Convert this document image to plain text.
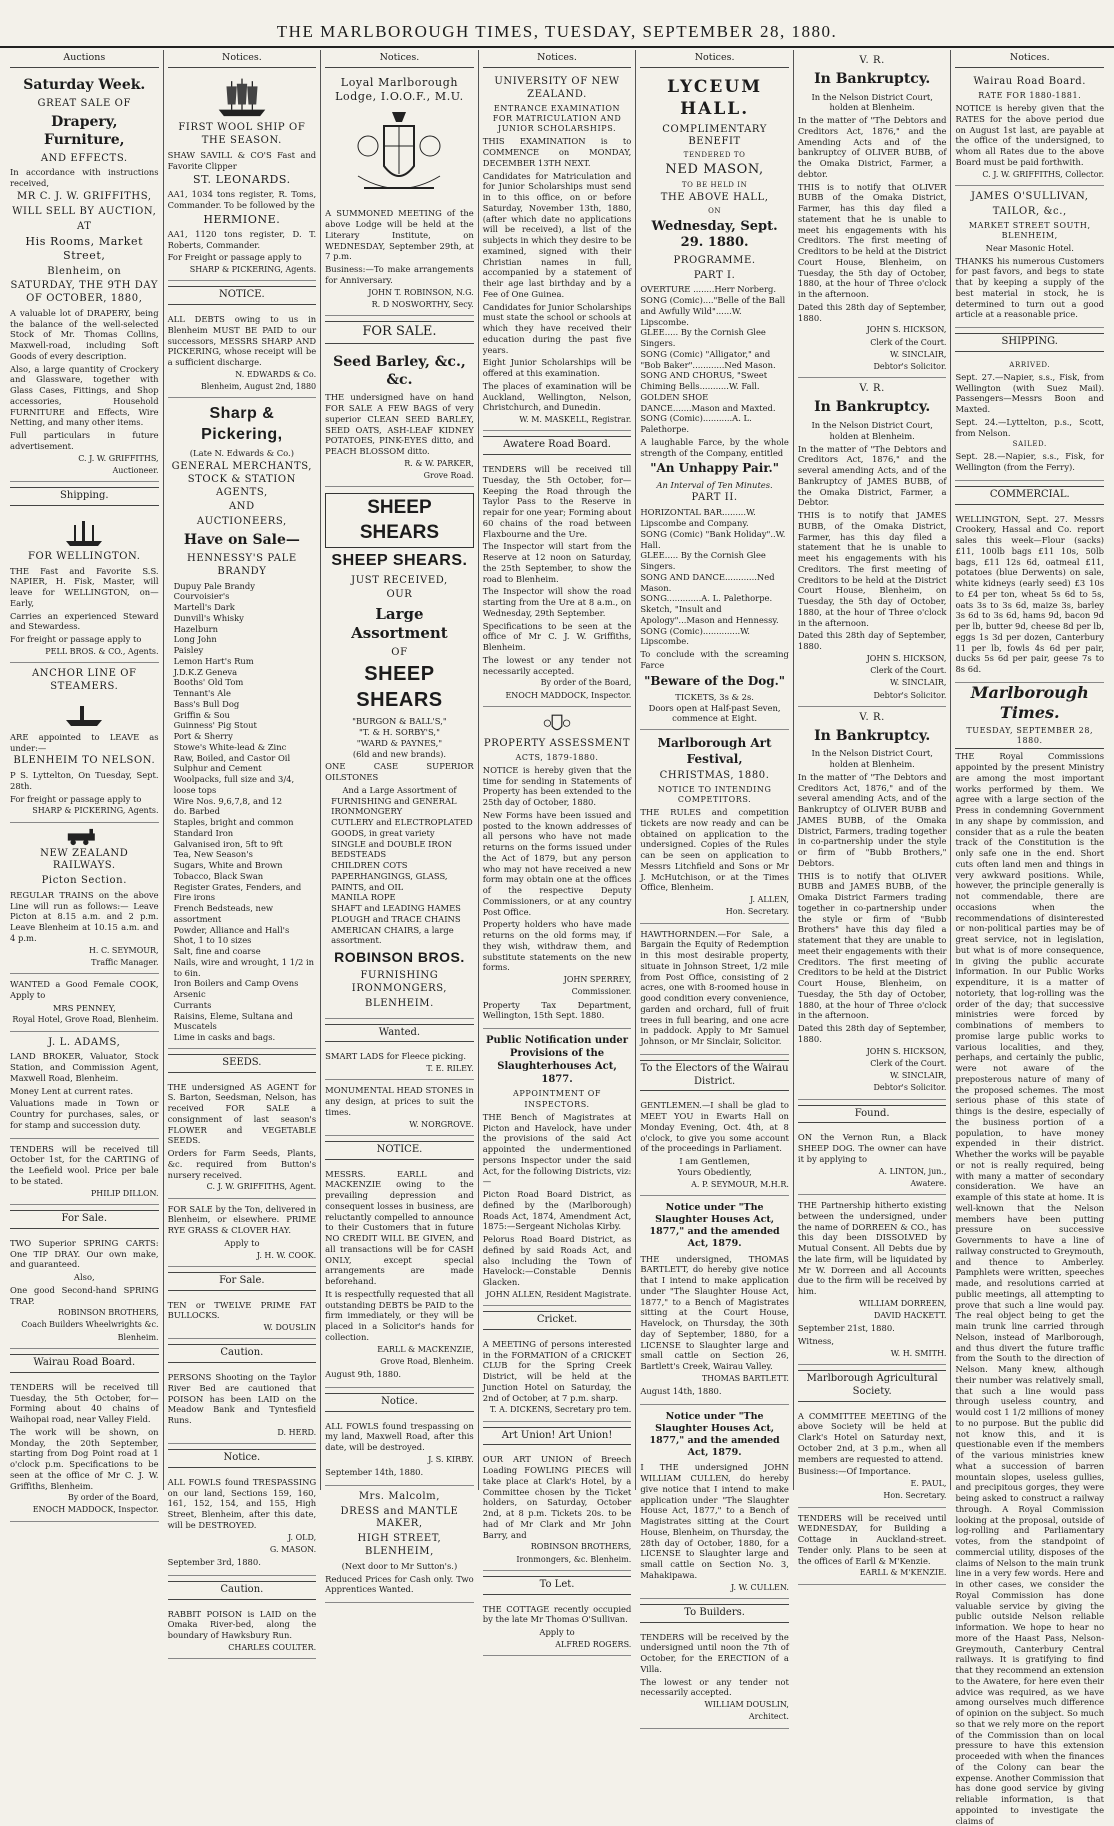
THE MARLBOROUGH TIMES, TUESDAY, SEPTEMBER 28, 1880.
Auctions
Saturday Week.
GREAT SALE OF
Drapery, Furniture,
AND EFFECTS.

In accordance with instructions received,

MR C. J. W. GRIFFITHS,
WILL SELL BY AUCTION,
AT
His Rooms, Market Street,
Blenheim, on
SATURDAY, THE 9TH DAY OF OCTOBER, 1880,

A valuable lot of DRAPERY, being the balance of the well-selected Stock of Mr. Thomas Collins, Maxwell-road, including Soft Goods of every description.

Also, a large quantity of Crockery and Glassware, together with Glass Cases, Fittings, and Shop accessories, Household FURNITURE and Effects, Wire Netting, and many other items.

Full particulars in future advertisement.

C. J. W. GRIFFITHS,
Auctioneer.
Shipping.
FOR WELLINGTON.

THE Fast and Favorite S.S. NAPIER, H. Fisk, Master, will leave for WELLINGTON, on— Early,

Carries an experienced Steward and Stewardess.

For freight or passage apply to

PELL BROS. & CO., Agents.
ANCHOR LINE OF STEAMERS.

ARE appointed to LEAVE as under:—

BLENHEIM TO NELSON.

P S. Lyttelton, On Tuesday, Sept. 28th.

For freight or passage apply to

SHARP & PICKERING, Agents.
NEW ZEALAND RAILWAYS.
Picton Section.

REGULAR TRAINS on the above Line will run as follows:— Leave Picton at 8.15 a.m. and 2 p.m. Leave Blenheim at 10.15 a.m. and 4 p.m.

H. C. SEYMOUR,
Traffic Manager.

WANTED a Good Female COOK, Apply to

MRS PENNEY,
Royal Hotel, Grove Road, Blenheim.
J. L. ADAMS,

LAND BROKER, Valuator, Stock Station, and Commission Agent, Maxwell Road, Blenheim.

Money Lent at current rates.

Valuations made in Town or Country for purchases, sales, or for stamp and succession duty.

TENDERS will be received till October 1st, for the CARTING of the Leefield wool. Price per bale to be stated.

PHILIP DILLON.
For Sale.

TWO Superior SPRING CARTS: One TIP DRAY. Our own make, and guaranteed.

Also,

One good Second-hand SPRING TRAP.

ROBINSON BROTHERS,
Coach Builders Wheelwrights &c.
Blenheim.
Wairau Road Board.

TENDERS will be received till Tuesday, the 5th October, for— Forming about 40 chains of Waihopai road, near Valley Field.

The work will be shown, on Monday, the 20th September, starting from Dog Point road at 1 o'clock p.m. Specifications to be seen at the office of Mr C. J. W. Griffiths, Blenheim.

By order of the Board,
ENOCH MADDOCK, Inspector.
Notices.
FIRST WOOL SHIP OF THE SEASON.

SHAW SAVILL & CO'S Fast and Favorite Clipper

ST. LEONARDS.

AA1, 1034 tons register, R. Toms, Commander. To be followed by the

HERMIONE.

AA1, 1120 tons register, D. T. Roberts, Commander.

For Freight or passage apply to

SHARP & PICKERING, Agents.
NOTICE.

ALL DEBTS owing to us in Blenheim MUST BE PAID to our successors, MESSRS SHARP AND PICKERING, whose receipt will be a sufficient discharge.

N. EDWARDS & Co.
Blenheim, August 2nd, 1880
Sharp & Pickering,
(Late N. Edwards & Co.)
GENERAL MERCHANTS, STOCK & STATION AGENTS,
AND
AUCTIONEERS,
Have on Sale—
HENNESSY'S PALE BRANDY
Dupuy Pale Brandy
Courvoisier's
Martell's Dark
Dunvill's Whisky
Hazelburn
Long John
Paisley
Lemon Hart's Rum
J.D.K.Z Geneva
Booths' Old Tom
Tennant's Ale
Bass's Bull Dog
Griffin & Sou
Guinness' Pig Stout
Port & Sherry
Stowe's White-lead & Zinc
Raw, Boiled, and Castor Oil
Sulphur and Cement
Woolpacks, full size and 3/4, loose tops
Wire Nos. 9,6,7,8, and 12
do. Barbed
Staples, bright and common
Standard Iron
Galvanised iron, 5ft to 9ft
Tea, New Season's
Sugars, White and Brown
Tobacco, Black Swan
Register Grates, Fenders, and Fire irons
French Bedsteads, new assortment
Powder, Alliance and Hall's
Shot, 1 to 10 sizes
Salt, fine and coarse
Nails, wire and wrought, 1 1/2 in to 6in.
Iron Boilers and Camp Ovens
Arsenic
Currants
Raisins, Eleme, Sultana and Muscatels
Lime in casks and bags.
SEEDS.

THE undersigned AS AGENT for S. Barton, Seedsman, Nelson, has received FOR SALE a consignment of last season's FLOWER and VEGETABLE SEEDS.

Orders for Farm Seeds, Plants, &c. required from Button's nursery received.

C. J. W. GRIFFITHS, Agent.

FOR SALE by the Ton, delivered in Blenheim, or elsewhere. PRIME RYE GRASS & CLOVER HAY.

Apply to
J. H. W. COOK.
For Sale.

TEN or TWELVE PRIME FAT BULLOCKS.

W. DOUSLIN
Caution.

PERSONS Shooting on the Taylor River Bed are cautioned that POISON has been LAID on the Meadow Bank and Tyntesfield Runs.

D. HERD.
Notice.

ALL FOWLS found TRESPASSING on our land, Sections 159, 160, 161, 152, 154, and 155, High Street, Blenheim, after this date, will be DESTROYED.

J. OLD,
G. MASON.

September 3rd, 1880.

Caution.

RABBIT POISON is LAID on the Omaka River-bed, along the boundary of Hawksbury Run.

CHARLES COULTER.
Notices.
Loyal Marlborough Lodge, I.O.O.F., M.U.

A SUMMONED MEETING of the above Lodge will be held at the Literary Institute, on WEDNESDAY, September 29th, at 7 p.m.

Business:—To make arrangements for Anniversary.

JOHN T. ROBINSON, N.G.
R. D NOSWORTHY, Secy.
FOR SALE.
Seed Barley, &c., &c.

THE undersigned have on hand FOR SALE A FEW BAGS of very superior CLEAN SEED BARLEY, SEED OATS, ASH-LEAF KIDNEY POTATOES, PINK-EYES ditto, and PEACH BLOSSOM ditto.

R. & W. PARKER,
Grove Road.
SHEEP SHEARS
SHEEP SHEARS.
JUST RECEIVED,
OUR
Large Assortment
OF
SHEEP SHEARS
"BURGON & BALL'S,"
"T. & H. SORBY'S,"
"WARD & PAYNES,"
(6ld and new brands).

ONE CASE SUPERIOR OILSTONES

And a Large Assortment of
FURNISHING and GENERAL IRONMONGERY
CUTLERY and ELECTROPLATED GOODS, in great variety
SINGLE and DOUBLE IRON BEDSTEADS
CHILDREN COTS
PAPERHANGINGS, GLASS, PAINTS, and OIL
MANILA ROPE
SHAFT and LEADING HAMES
PLOUGH and TRACE CHAINS
AMERICAN CHAIRS, a large assortment.
ROBINSON BROS.
FURNISHING IRONMONGERS,
BLENHEIM.
Wanted.

SMART LADS for Fleece picking.

T. E. RILEY.

MONUMENTAL HEAD STONES in any design, at prices to suit the times.

W. NORGROVE.
NOTICE.

MESSRS. EARLL and MACKENZIE owing to the prevailing depression and consequent losses in business, are reluctantly compelled to announce to their Customers that in future NO CREDIT WILL BE GIVEN, and all transactions will be for CASH ONLY, except special arrangements are made beforehand.

It is respectfully requested that all outstanding DEBTS be PAID to the firm immediately, or they will be placed in a Solicitor's hands for collection.

EARLL & MACKENZIE,
Grove Road, Blenheim.

August 9th, 1880.

Notice.

ALL FOWLS found trespassing on my land, Maxwell Road, after this date, will be destroyed.

J. S. KIRBY.

September 14th, 1880.

Mrs. Malcolm,
DRESS and MANTLE MAKER,
HIGH STREET, BLENHEIM,
(Next door to Mr Sutton's.)

Reduced Prices for Cash only. Two Apprentices Wanted.

Notices.
UNIVERSITY OF NEW ZEALAND.
ENTRANCE EXAMINATION FOR MATRICULATION AND JUNIOR SCHOLARSHIPS.

THIS EXAMINATION is to COMMENCE on MONDAY, DECEMBER 13TH NEXT.

Candidates for Matriculation and for Junior Scholarships must send in to this office, on or before Saturday, November 13th, 1880, (after which date no applications will be received), a list of the subjects in which they desire to be examined, signed with their Christian names in full, accompanied by a statement of their age last birthday and by a Fee of One Guinea.

Candidates for Junior Scholarships must state the school or schools at which they have received their education during the past five years.

Eight Junior Scholarships will be offered at this examination.

The places of examination will be Auckland, Wellington, Nelson, Christchurch, and Dunedin.

W. M. MASKELL, Registrar.
Awatere Road Board.

TENDERS will be received till Tuesday, the 5th October, for— Keeping the Road through the Taylor Pass to the Reserve in repair for one year; Forming about 60 chains of the road between Flaxbourne and the Ure.

The Inspector will start from the Reserve at 12 noon on Saturday, the 25th September, to show the road to Blenheim.

The Inspector will show the road starting from the Ure at 8 a.m., on Wednesday, 29th September.

Specifications to be seen at the office of Mr C. J. W. Griffiths, Blenheim.

The lowest or any tender not necessarily accepted.

By order of the Board,
ENOCH MADDOCK, Inspector.
PROPERTY ASSESSMENT
ACTS, 1879-1880.

NOTICE is hereby given that the time for sending in Statements of Property has been extended to the 25th day of October, 1880.

New Forms have been issued and posted to the known addresses of all persons who have not made returns on the forms issued under the Act of 1879, but any person who may not have received a new form may obtain one at the offices of the respective Deputy Commissioners, or at any country Post Office.

Property holders who have made returns on the old forms may, if they wish, withdraw them, and substitute statements on the new forms.

JOHN SPERREY,
Commissioner.

Property Tax Department, Wellington, 15th Sept. 1880.

Public Notification under Provisions of the Slaughterhouses Act, 1877.
APPOINTMENT OF INSPECTORS.

THE Bench of Magistrates at Picton and Havelock, have under the provisions of the said Act appointed the undermentioned persons Inspector under the said Act, for the following Districts, viz:—

Picton Road Board District, as defined by the (Marlborough) Roads Act, 1874, Amendment Act, 1875:—Sergeant Nicholas Kirby.

Pelorus Road Board District, as defined by said Roads Act, and also including the Town of Havelock:—Constable Dennis Glacken.

JOHN ALLEN, Resident Magistrate.
Cricket.

A MEETING of persons interested in the FORMATION of a CRICKET CLUB for the Spring Creek District, will be held at the Junction Hotel on Saturday, the 2nd of October, at 7 p.m. sharp.

T. A. DICKENS, Secretary pro tem.
Art Union! Art Union!

OUR ART UNION of Breech Loading FOWLING PIECES will take place at Clark's Hotel, by a Committee chosen by the Ticket holders, on Saturday, October 2nd, at 8 p.m. Tickets 20s. to be had of Mr Clark and Mr John Barry, and

ROBINSON BROTHERS,
Ironmongers, &c. Blenheim.
To Let.

THE COTTAGE recently occupied by the late Mr Thomas O'Sullivan.

Apply to
ALFRED ROGERS.
Notices.
LYCEUM HALL.
COMPLIMENTARY BENEFIT
TENDERED TO
NED MASON,
TO BE HELD IN
THE ABOVE HALL,
ON
Wednesday, Sept. 29. 1880.
PROGRAMME.
PART I.
OVERTURE ........Herr Norberg.
SONG (Comic)...."Belle of the Ball and Awfully Wild"......W. Lipscombe.
GLEE..... By the Cornish Glee Singers.
SONG (Comic) "Alligator," and "Bob Baker"............Ned Mason.
SONG AND CHORUS, "Sweet Chiming Bells...........W. Fall.
GOLDEN SHOE DANCE.......Mason and Maxted.
SONG (Comic)...........A. L. Palethorpe.

A laughable Farce, by the whole strength of the Company, entitled

"An Unhappy Pair."
An Interval of Ten Minutes.
PART II.
HORIZONTAL BAR.........W. Lipscombe and Company.
SONG (Comic) "Bank Holiday"..W. Hall.
GLEE..... By the Cornish Glee Singers.
SONG AND DANCE............Ned Mason.
SONG.............A. L. Palethorpe.
Sketch, "Insult and Apology"...Mason and Hennessy.
SONG (Comic)..............W. Lipscombe.

To conclude with the screaming Farce

"Beware of the Dog."
TICKETS, 3s & 2s.
Doors open at Half-past Seven, commence at Eight.
Marlborough Art Festival,
CHRISTMAS, 1880.
NOTICE TO INTENDING COMPETITORS.

THE RULES and competition tickets are now ready and can be obtained on application to the undersigned. Copies of the Rules can be seen on application to Messrs Litchfield and Sons or Mr J. McHutchison, or at the Times Office, Blenheim.

J. ALLEN,
Hon. Secretary.

HAWTHORNDEN.—For Sale, a Bargain the Equity of Redemption in this most desirable property, situate in Johnson Street, 1/2 mile from Post Office, consisting of 2 acres, one with 8-roomed house in good condition every convenience, garden and orchard, full of fruit trees in full bearing, and one acre in paddock. Apply to Mr Samuel Johnson, or Mr Sinclair, Solicitor.

To the Electors of the Wairau District.

GENTLEMEN.—I shall be glad to MEET YOU in Ewarts Hall on Monday Evening, Oct. 4th, at 8 o'clock, to give you some account of the proceedings in Parliament.

I am Gentlemen,
Yours Obediently,
A. P. SEYMOUR, M.H.R.
Notice under "The Slaughter Houses Act, 1877," and the amended Act, 1879.

THE undersigned, THOMAS BARTLETT, do hereby give notice that I intend to make application under "The Slaughter House Act, 1877," to a Bench of Magistrates sitting at the Court House, Havelock, on Thursday, the 30th day of September, 1880, for a LICENSE to Slaughter large and small cattle on Section 26, Bartlett's Creek, Wairau Valley.

THOMAS BARTLETT.

August 14th, 1880.

Notice under "The Slaughter Houses Act, 1877," and the amended Act, 1879.

I THE undersigned JOHN WILLIAM CULLEN, do hereby give notice that I intend to make application under "The Slaughter House Act, 1877," to a Bench of Magistrates sitting at the Court House, Blenheim, on Thursday, the 28th day of October, 1880, for a LICENSE to Slaughter large and small cattle on Section No. 3, Mahakipawa.

J. W. CULLEN.
To Builders.

TENDERS will be received by the undersigned until noon the 7th of October, for the ERECTION of a Villa.

The lowest or any tender not necessarily accepted.

WILLIAM DOUSLIN,
Architect.
V. R.
In Bankruptcy.

In the Nelson District Court, holden at Blenheim.

In the matter of "The Debtors and Creditors Act, 1876," and the Amending Acts and of the bankruptcy of OLIVER BUBB, of the Omaka District, Farmer, a debtor.

THIS is to notify that OLIVER BUBB of the Omaka District, Farmer, has this day filed a statement that he is unable to meet his engagements with his Creditors. The first meeting of Creditors to be held at the District Court House, Blenheim, on Tuesday, the 5th day of October, 1880, at the hour of Three o'clock in the afternoon.

Dated this 28th day of September, 1880.

JOHN S. HICKSON,
Clerk of the Court.
W. SINCLAIR,
Debtor's Solicitor.
V. R.
In Bankruptcy.

In the Nelson District Court, holden at Blenheim.

In the matter of "The Debtors and Creditors Act, 1876," and the several amending Acts, and of the Bankruptcy of JAMES BUBB, of the Omaka District, Farmer, a Debtor.

THIS is to notify that JAMES BUBB, of the Omaka District, Farmer, has this day filed a statement that he is unable to meet his engagements with his Creditors. The first meeting of Creditors to be held at the District Court House, Blenheim, on Tuesday, the 5th day of October, 1880, at the hour of Three o'clock in the afternoon.

Dated this 28th day of September, 1880.

JOHN S. HICKSON,
Clerk of the Court.
W. SINCLAIR,
Debtor's Solicitor.
V. R.
In Bankruptcy.

In the Nelson District Court, holden at Blenheim.

In the matter of "The Debtors and Creditors Act, 1876," and of the several amending Acts, and of the Bankruptcy of OLIVER BUBB and JAMES BUBB, of the Omaka District, Farmers, trading together in co-partnership under the style or firm of "Bubb Brothers," Debtors.

THIS is to notify that OLIVER BUBB and JAMES BUBB, of the Omaka District Farmers trading together in co-partnership under the style or firm of "Bubb Brothers" have this day filed a statement that they are unable to meet their engagements with their Creditors. The first meeting of Creditors to be held at the District Court House, Blenheim, on Tuesday, the 5th day of October, 1880, at the hour of Three o'clock in the afternoon.

Dated this 28th day of September, 1880.

JOHN S. HICKSON,
Clerk of the Court.
W. SINCLAIR,
Debtor's Solicitor.
Found.

ON the Vernon Run, a Black SHEEP DOG. The owner can have it by applying to

A. LINTON, jun.,
Awatere.

THE Partnership hitherto existing between the undersigned, under the name of DORREEN & CO., has this day been DISSOLVED by Mutual Consent. All Debts due by the late firm, will be liquidated by Mr W. Dorreen and all Accounts due to the firm will be received by him.

WILLIAM DORREEN,
DAVID HACKETT.

September 21st, 1880.

Witness,

W. H. SMITH.
Marlborough Agricultural Society.

A COMMITTEE MEETING of the above Society will be held at Clark's Hotel on Saturday next, October 2nd, at 3 p.m., when all members are requested to attend.

Business:—Of Importance.

E. PAUL,
Hon. Secretary.

TENDERS will be received until WEDNESDAY, for Building a Cottage in Auckland-street. Tender only. Plans to be seen at the offices of Earll & M'Kenzie.

EARLL & M'KENZIE.
Notices.
Wairau Road Board.
RATE FOR 1880-1881.

NOTICE is hereby given that the RATES for the above period due on August 1st last, are payable at the office of the undersigned, to whom all Rates due to the above Board must be paid forthwith.

C. J. W. GRIFFITHS, Collector.
JAMES O'SULLIVAN,
TAILOR, &c.,
MARKET STREET SOUTH, BLENHEIM,
Near Masonic Hotel.

THANKS his numerous Customers for past favors, and begs to state that by keeping a supply of the best material in stock, he is determined to turn out a good article at a reasonable price.

SHIPPING.
ARRIVED.

Sept. 27.—Napier, s.s., Fisk, from Wellington (with Suez Mail). Passengers—Messrs Boon and Maxted.

Sept. 24.—Lyttelton, p.s., Scott, from Nelson.

SAILED.

Sept. 28.—Napier, s.s., Fisk, for Wellington (from the Ferry).

COMMERCIAL.

WELLINGTON, Sept. 27. Messrs Crookery, Hassal and Co. report sales this week—Flour (sacks) £11, 100lb bags £11 10s, 50lb bags, £11 12s 6d, oatmeal £11, potatoes (blue Derwents) on sale, white kidneys (early seed) £3 10s to £4 per ton, wheat 5s 6d to 5s, oats 3s to 3s 6d, maize 3s, barley 3s 6d to 3s 6d, hams 9d, bacon 9d per lb, butter 9d, cheese 8d per lb, eggs 1s 3d per dozen, Canterbury 11 per lb, fowls 4s 6d per pair, ducks 5s 6d per pair, geese 7s to 8s 6d.

Marlborough Times.
TUESDAY, SEPTEMBER 28, 1880.

THE Royal Commissions appointed by the present Ministry are among the most important works performed by them. We agree with a large section of the Press in condemning Government in any shape by commission, and consider that as a rule the beaten track of the Constitution is the only safe one in the end. Short cuts often land men and things in very awkward positions. While, however, the principle generally is not commendable, there are occasions when the recommendations of disinterested or non-political parties may be of great service, not in legislation, but what is of more consequence, in giving the public accurate information. In our Public Works expenditure, it is a matter of notoriety, that log-rolling was the order of the day; that successive ministries were forced by combinations of members to promise large public works to various localities, and they, perhaps, and certainly the public, were not aware of the preposterous nature of many of the proposed schemes. The most serious phase of this state of things is the desire, especially of the business portion of a population, to have money expended in their district. Whether the works will be payable or not is really required, being with many a matter of secondary consideration. We have an example of this state at home. It is well-known that the Nelson members have been putting pressure on successive Governments to have a line of railway constructed to Greymouth, and thence to Amberley. Pamphlets were written, speeches made, and resolutions carried at public meetings, all attempting to prove that such a line would pay. The real object being to get the main trunk line carried through Nelson, instead of Marlborough, and thus divert the future traffic from the South to the direction of Nelson. Many knew, although their number was relatively small, that such a line would pass through useless country, and would cost 1 1/2 millions of money to no purpose. But the public did not know this, and it is questionable even if the members of the various ministries knew what a succession of barren mountain slopes, useless gullies, and precipitous gorges, they were being asked to construct a railway through. A Royal Commission looking at the proposal, outside of log-rolling and Parliamentary votes, from the standpoint of commercial utility, disposes of the claims of Nelson to the main trunk line in a very few words. Here and in other cases, we consider the Royal Commission has done valuable service by giving the public outside Nelson reliable information. We hope to hear no more of the Haast Pass, Nelson-Greymouth, Canterbury Central railways. It is gratifying to find that they recommend an extension to the Awatere, for here even their advice was required, as we have among ourselves much difference of opinion on the subject. So much so that we rely more on the report of the Commission than on local pressure to have this extension proceeded with when the finances of the Colony can bear the expense. Another Commission that has done good service by giving reliable information, is that appointed to investigate the claims of
